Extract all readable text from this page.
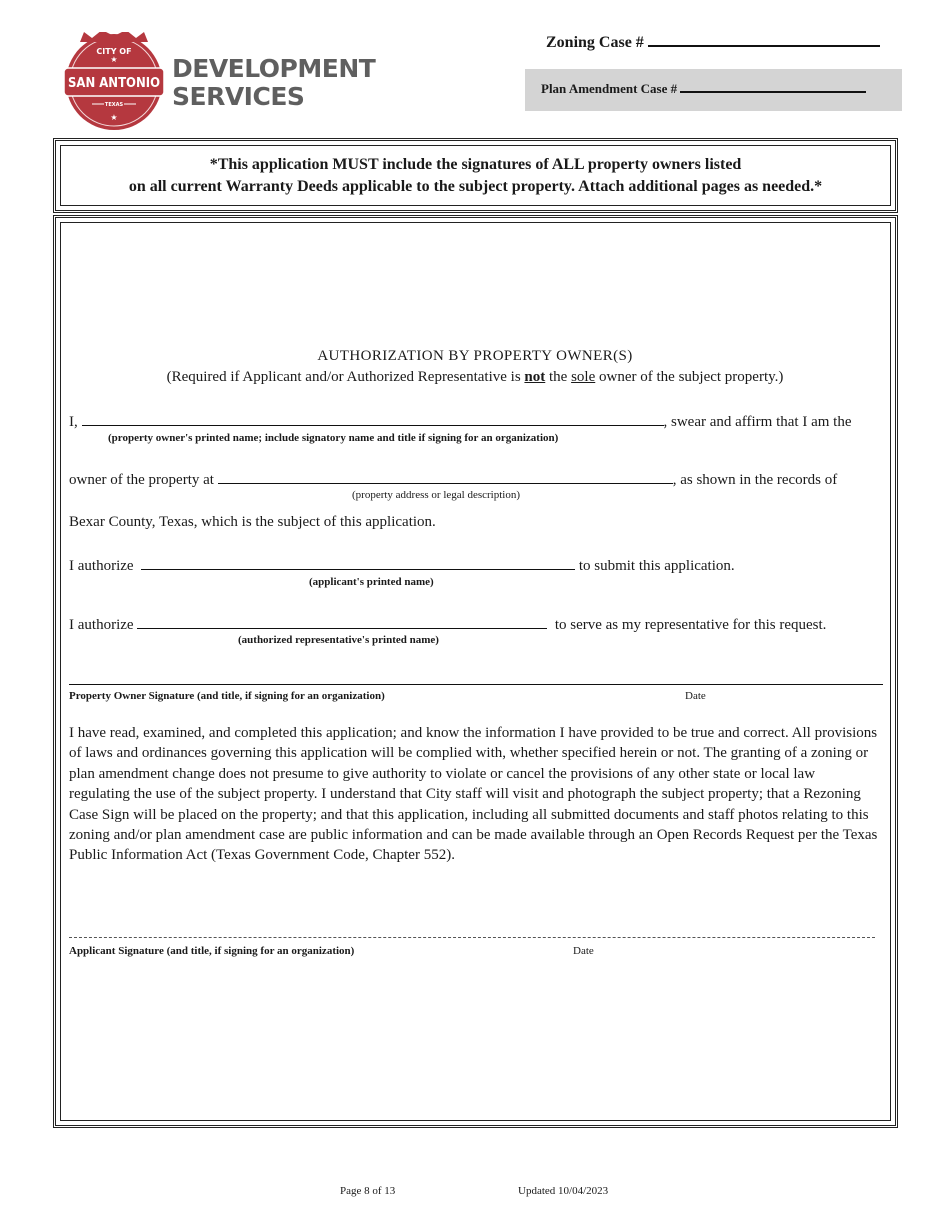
CITY OF
SAN ANTONIO
TEXAS
★
★
DEVELOPMENT
SERVICES
Zoning Case #
Plan Amendment Case #
*This application MUST include the signatures of ALL property owners listed
on all current Warranty Deeds applicable to the subject property. Attach additional pages as needed.*
AUTHORIZATION BY PROPERTY OWNER(S)
(Required if Applicant and/or Authorized Representative is not the sole owner of the subject property.)
I,	, swear and affirm that I am the
(property owner's printed name; include signatory name and title if signing for an organization)
owner of the property at	, as shown in the records of
(property address or legal description)
Bexar County, Texas, which is the subject of this application.
I authorize	to submit this application.
(applicant's printed name)
I authorize	to serve as my representative for this request.
(authorized representative's printed name)
Property Owner Signature (and title, if signing for an organization)	Date
I have read, examined, and completed this application; and know the information I have provided to be true and correct. All provisions of laws and ordinances governing this application will be complied with, whether specified herein or not. The granting of a zoning or plan amendment change does not presume to give authority to violate or cancel the provisions of any other state or local law regulating the use of the subject property. I understand that City staff will visit and photograph the subject property; that a Rezoning Case Sign will be placed on the property; and that this application, including all submitted documents and staff photos relating to this zoning and/or plan amendment case are public information and can be made available through an Open Records Request per the Texas Public Information Act (Texas Government Code, Chapter 552).
Applicant Signature (and title, if signing for an organization)	Date
Page 8 of 13	Updated 10/04/2023
